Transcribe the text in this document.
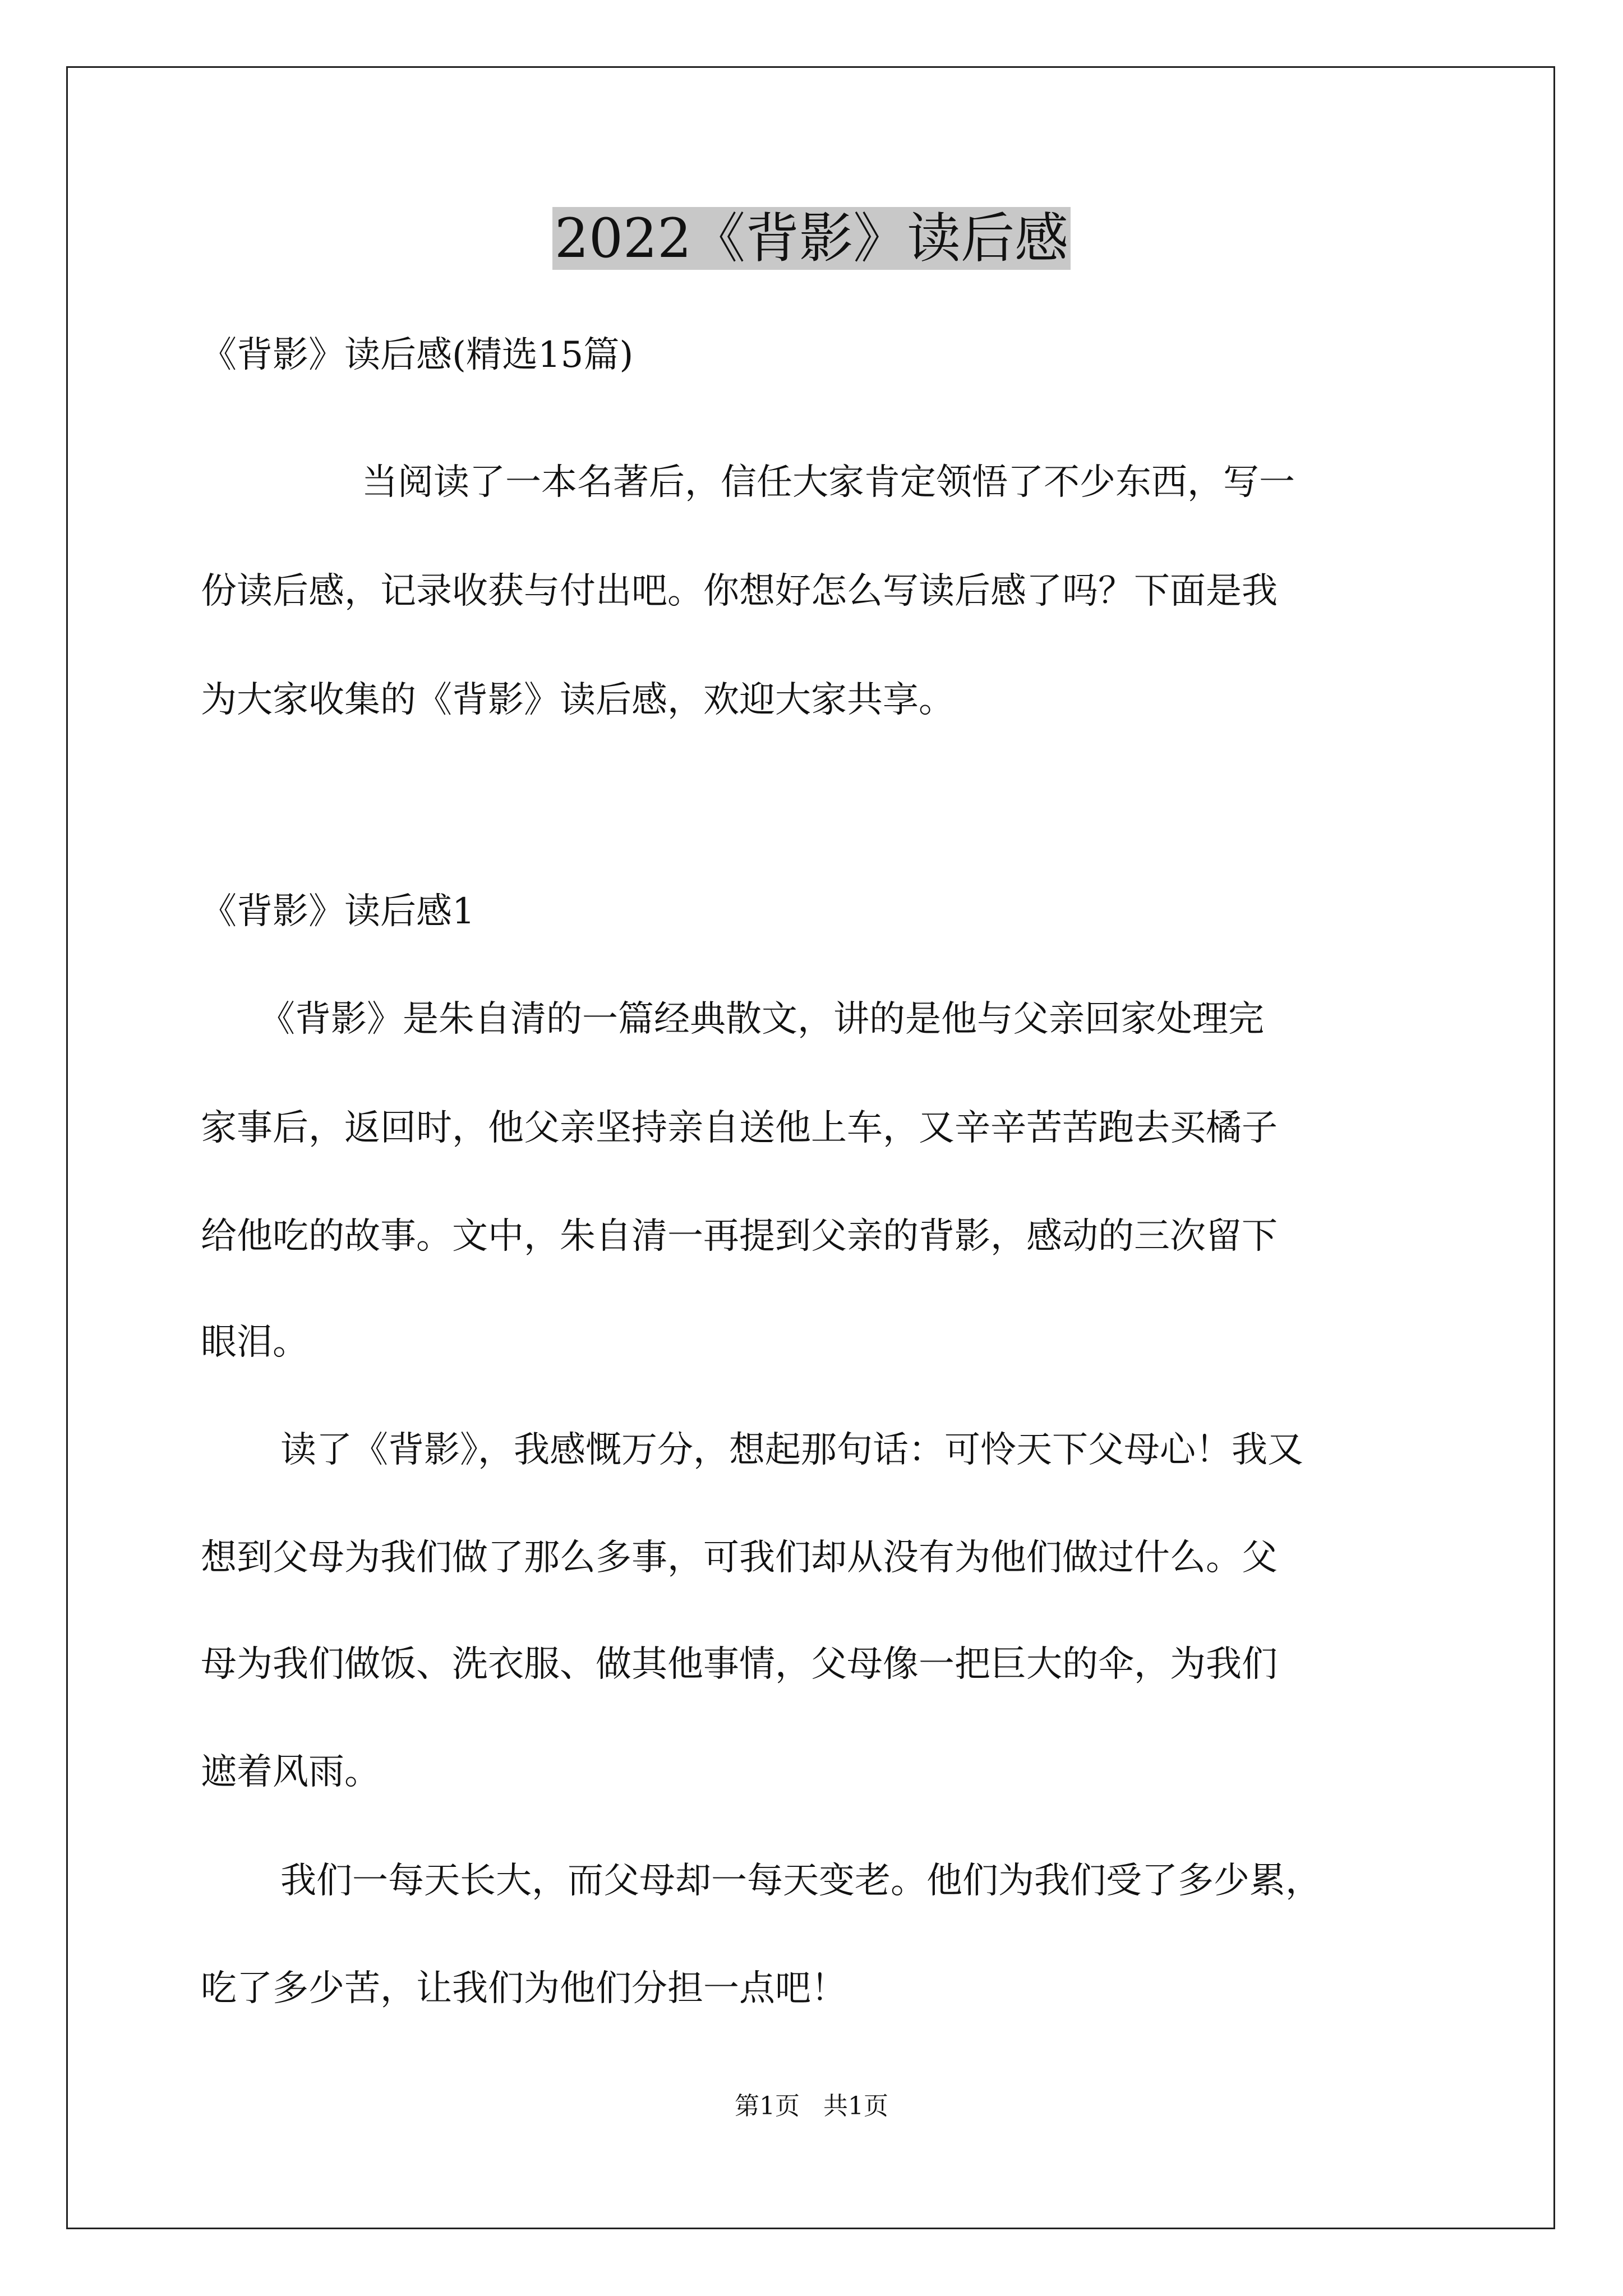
2022《背影》读后感
《背影》读后感(精选15篇)
当阅读了一本名著后，信任大家肯定领悟了不少东西，写一
份读后感，记录收获与付出吧。你想好怎么写读后感了吗？下面是我
为大家收集的《背影》读后感，欢迎大家共享。
《背影》读后感1
《背影》是朱自清的一篇经典散文，讲的是他与父亲回家处理完
家事后，返回时，他父亲坚持亲自送他上车，又辛辛苦苦跑去买橘子
给他吃的故事。文中，朱自清一再提到父亲的背影，感动的三次留下
眼泪。
读了《背影》，我感慨万分，想起那句话：可怜天下父母心！我又
想到父母为我们做了那么多事，可我们却从没有为他们做过什么。父
母为我们做饭、洗衣服、做其他事情，父母像一把巨大的伞，为我们
遮着风雨。
我们一每天长大，而父母却一每天变老。他们为我们受了多少累，
吃了多少苦，让我们为他们分担一点吧！
第1页   共1页
